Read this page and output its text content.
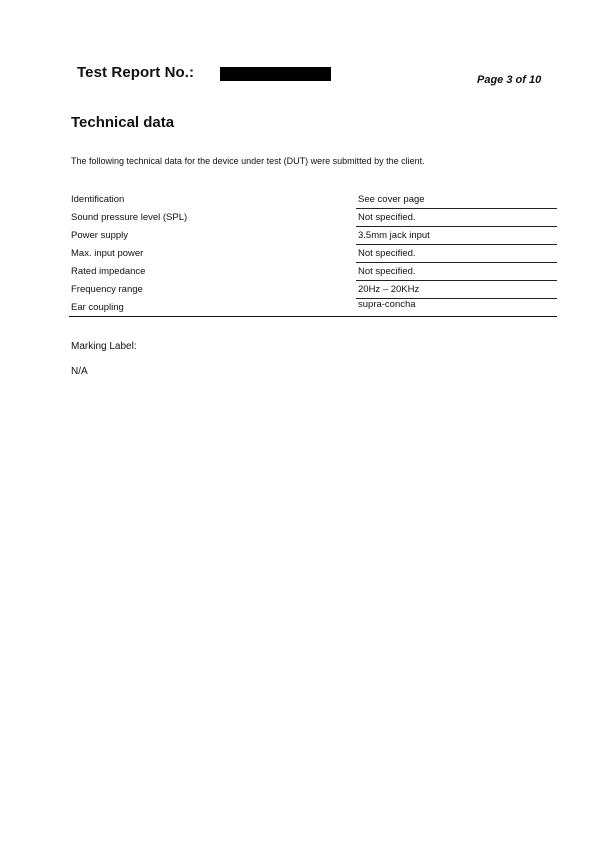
Test Report No.:	Page 3 of 10
Technical data
The following technical data for the device under test (DUT) were submitted by the client.
Identification	See cover page
Sound pressure level (SPL)	Not specified.
Power supply	3.5mm jack input
Max. input power	Not specified.
Rated impedance	Not specified.
Frequency range	20Hz – 20KHz
Ear coupling	supra-concha
Marking Label:
N/A
